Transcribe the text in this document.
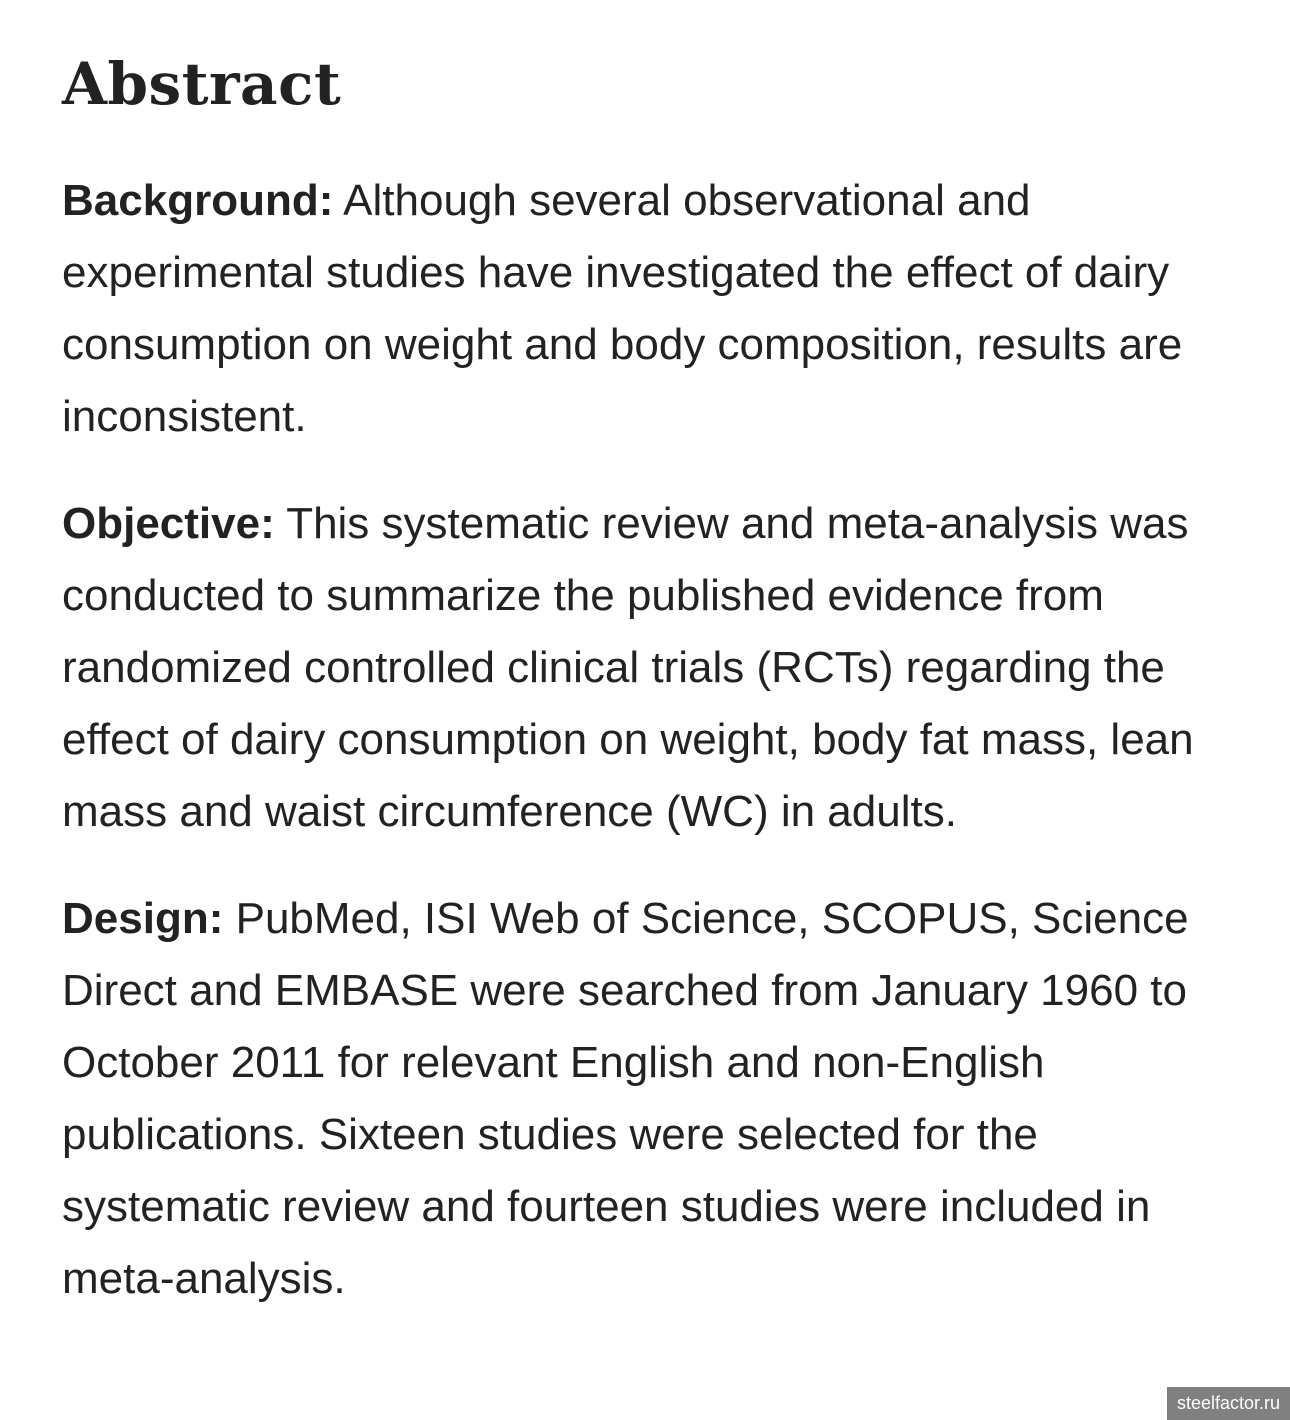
Abstract

Background: Although several observational and experimental studies have investigated the effect of dairy consumption on weight and body composition, results are inconsistent.

Objective: This systematic review and meta-analysis was conducted to summarize the published evidence from randomized controlled clinical trials (RCTs) regarding the effect of dairy consumption on weight, body fat mass, lean mass and waist circumference (WC) in adults.

Design: PubMed, ISI Web of Science, SCOPUS, Science Direct and EMBASE were searched from January 1960 to October 2011 for relevant English and non-English publications. Sixteen studies were selected for the systematic review and fourteen studies were included in meta-analysis.

steelfactor.ru
